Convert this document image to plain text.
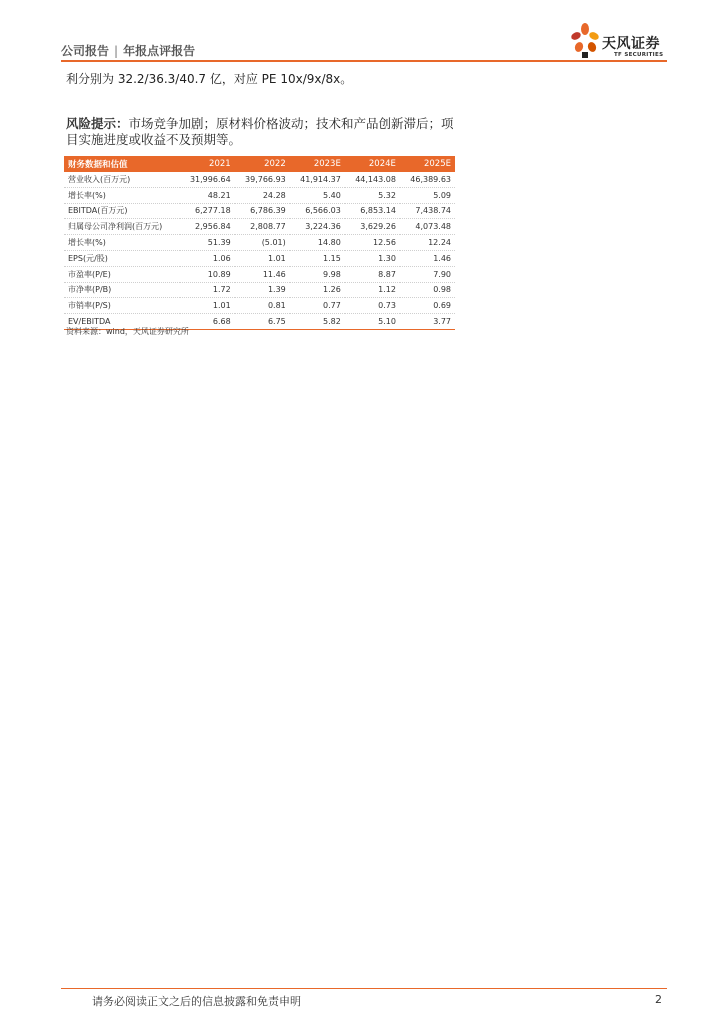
公司报告 | 年报点评报告	天风证券
TF SECURITIES
利分别为 32.2/36.3/40.7 亿，对应 PE 10x/9x/8x。
风险提示：市场竞争加剧；原材料价格波动；技术和产品创新滞后；项目实施进度或收益不及预期等。
财务数据和估值	2021	2022	2023E	2024E	2025E
营业收入(百万元)	31,996.64	39,766.93	41,914.37	44,143.08	46,389.63
增长率(%)	48.21	24.28	5.40	5.32	5.09
EBITDA(百万元)	6,277.18	6,786.39	6,566.03	6,853.14	7,438.74
归属母公司净利润(百万元)	2,956.84	2,808.77	3,224.36	3,629.26	4,073.48
增长率(%)	51.39	(5.01)	14.80	12.56	12.24
EPS(元/股)	1.06	1.01	1.15	1.30	1.46
市盈率(P/E)	10.89	11.46	9.98	8.87	7.90
市净率(P/B)	1.72	1.39	1.26	1.12	0.98
市销率(P/S)	1.01	0.81	0.77	0.73	0.69
EV/EBITDA	6.68	6.75	5.82	5.10	3.77
资料来源：wind，天风证券研究所
请务必阅读正文之后的信息披露和免责申明	2
